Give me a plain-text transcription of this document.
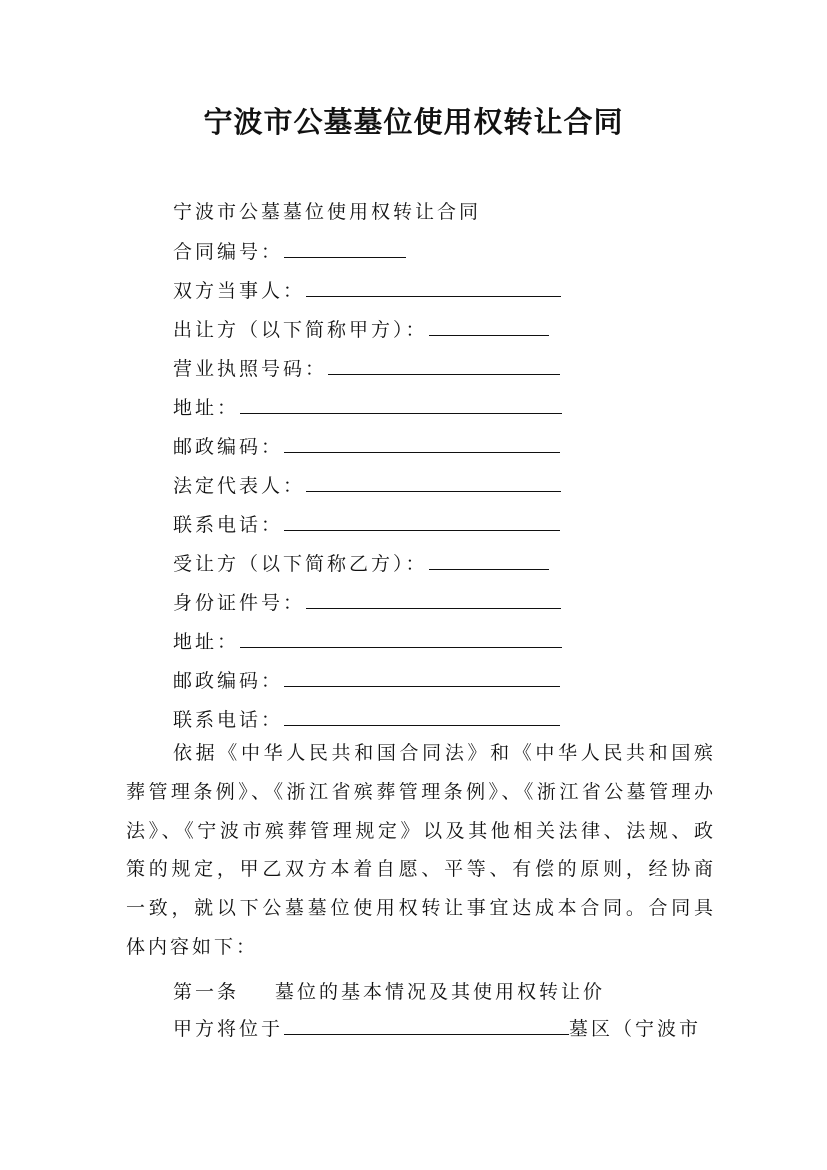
宁波市公墓墓位使用权转让合同
宁波市公墓墓位使用权转让合同
合同编号：
双方当事人：
出让方（以下简称甲方）：
营业执照号码：
地址：
邮政编码：
法定代表人：
联系电话：
受让方（以下简称乙方）：
身份证件号：
地址：
邮政编码：
联系电话：
依据《中华人民共和国合同法》和《中华人民共和国殡葬管理条例》、《浙江省殡葬管理条例》、《浙江省公墓管理办法》、《宁波市殡葬管理规定》以及其他相关法律、法规、政策的规定，甲乙双方本着自愿、平等、有偿的原则，经协商一致，就以下公墓墓位使用权转让事宜达成本合同。合同具体内容如下：
第一条 墓位的基本情况及其使用权转让价
甲方将位于	墓区（宁波市
